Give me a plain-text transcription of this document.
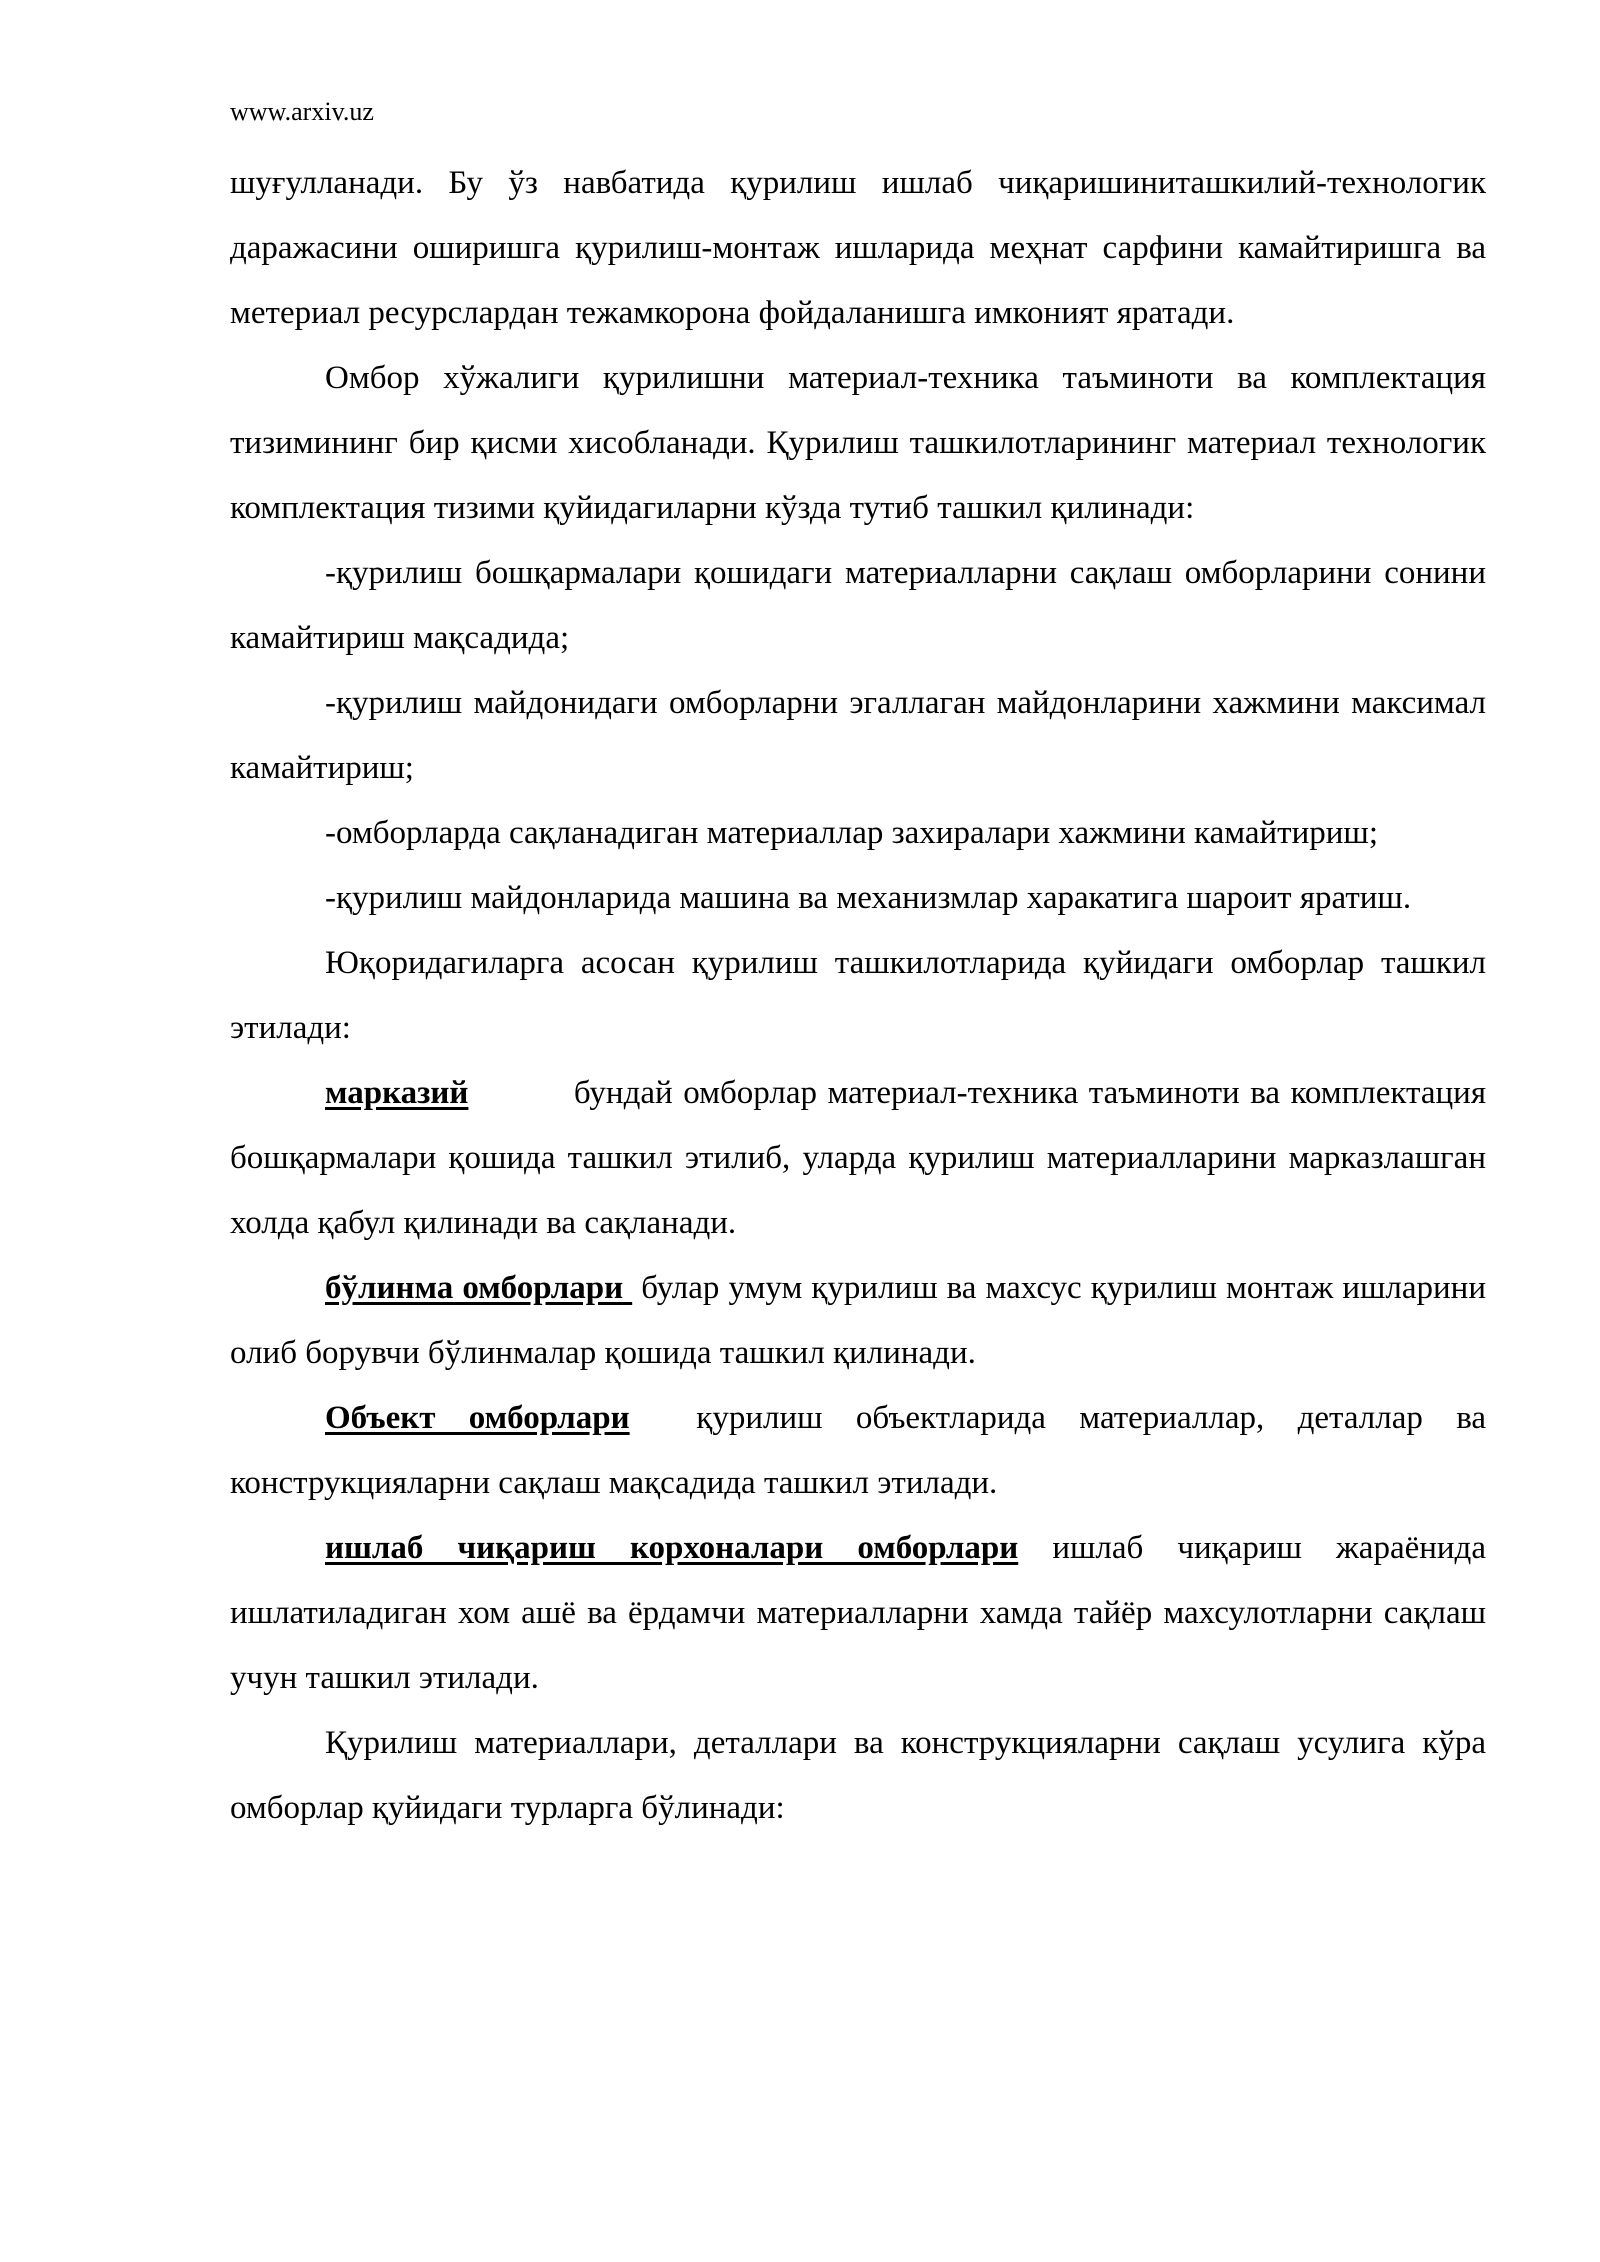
www.arxiv.uz

шуғулланади. Бу ўз навбатида қурилиш ишлаб чиқаришиниташкилий-технологик даражасини оширишга қурилиш-монтаж ишларида меҳнат сарфини камайтиришга ва метериал ресурслардан тежамкорона фойдаланишга имконият яратади.

Омбор хўжалиги қурилишни материал-техника таъминоти ва комплектация тизимининг бир қисми хисобланади. Қурилиш ташкилотларининг материал технологик комплектация тизими қуйидагиларни кўзда тутиб ташкил қилинади:

-қурилиш бошқармалари қошидаги материалларни сақлаш омборларини сонини камайтириш мақсадида;

-қурилиш майдонидаги омборларни эгаллаган майдонларини хажмини максимал камайтириш;

-омборларда сақланадиган материаллар захиралари хажмини камайтириш;

-қурилиш майдонларида машина ва механизмлар харакатига шароит яратиш.

Юқоридагиларга асосан қурилиш ташкилотларида қуйидаги омборлар ташкил этилади:

марказий          бундай омборлар материал-техника таъминоти ва комплектация бошқармалари қошида ташкил этилиб, уларда қурилиш материалларини марказлашган холда қабул қилинади ва сақланади.

бўлинма омборлари  булар умум қурилиш ва махсус қурилиш монтаж ишларини олиб борувчи бўлинмалар қошида ташкил қилинади.

Объект омборлари  қурилиш объектларида материаллар, деталлар ва конструкцияларни сақлаш мақсадида ташкил этилади.

ишлаб чиқариш корхоналари омборлари ишлаб чиқариш жараёнида ишлатиладиган хом ашё ва ёрдамчи материалларни хамда тайёр махсулотларни сақлаш учун ташкил этилади.

Қурилиш материаллари, деталлари ва конструкцияларни сақлаш усулига кўра омборлар қуйидаги турларга бўлинади:
